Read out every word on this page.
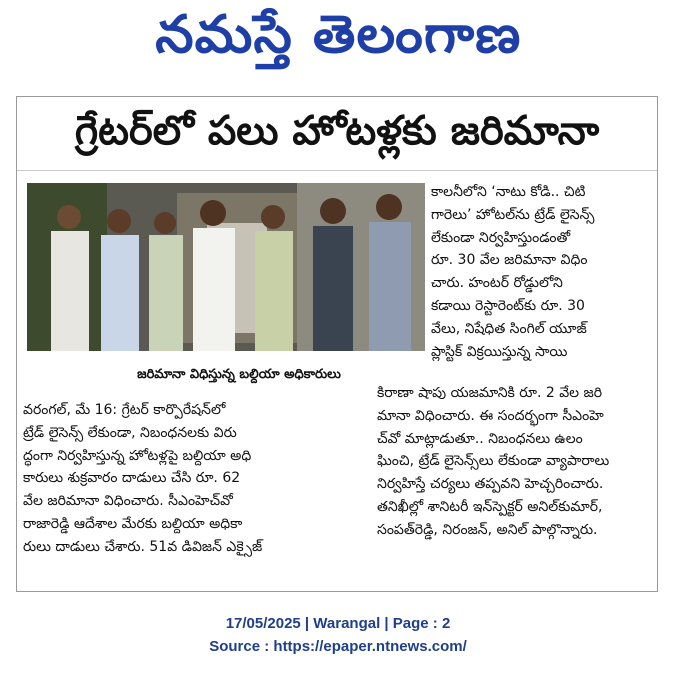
నమస్తే తెలంగాణ
గ్రేటర్‌లో పలు హోటళ్లకు జరిమానా
జరిమానా విధిస్తున్న బల్దియా అధికారులు
కాలనీలోని ‘నాటు కోడి.. చిటి
గారెలు’ హోటల్‌ను ట్రేడ్ లైసెన్స్
లేకుండా నిర్వహిస్తుండంతో
రూ. 30 వేల జరిమానా విధిం
చారు. హంటర్ రోడ్డులోని
కడాయి రెస్టారెంట్‌కు రూ. 30
వేలు, నిషేధిత సింగిల్ యూజ్
ప్లాస్టిక్ విక్రయిస్తున్న సాయి
వరంగల్, మే 16: గ్రేటర్ కార్పొరేషన్‌లో
ట్రేడ్ లైసెన్స్ లేకుండా, నిబంధనలకు విరు
ద్ధంగా నిర్వహిస్తున్న హోటళ్లపై బల్దియా అధి
కారులు శుక్రవారం దాడులు చేసి రూ. 62
వేల జరిమానా విధించారు. సీఎంహెచ్‌వో
రాజారెడ్డి ఆదేశాల మేరకు బల్దియా అధికా
రులు దాడులు చేశారు. 51వ డివిజన్ ఎక్సైజ్
కిరాణా షాపు యజమానికి రూ. 2 వేల జరి
మానా విధించారు. ఈ సందర్భంగా సీఎంహె
చ్‌వో మాట్లాడుతూ.. నిబంధనలు ఉలం
ఘించి, ట్రేడ్ లైసెన్స్‌లు లేకుండా వ్యాపారాలు
నిర్వహిస్తే చర్యలు తప్పవని హెచ్చరించారు.
తనిఖీల్లో శానిటరీ ఇన్‌స్పెక్టర్ అనిల్‌కుమార్,
సంపత్‌రెడ్డి, నిరంజన్, అనిల్ పాల్గొన్నారు.
17/05/2025 | Warangal | Page : 2
Source : https://epaper.ntnews.com/
